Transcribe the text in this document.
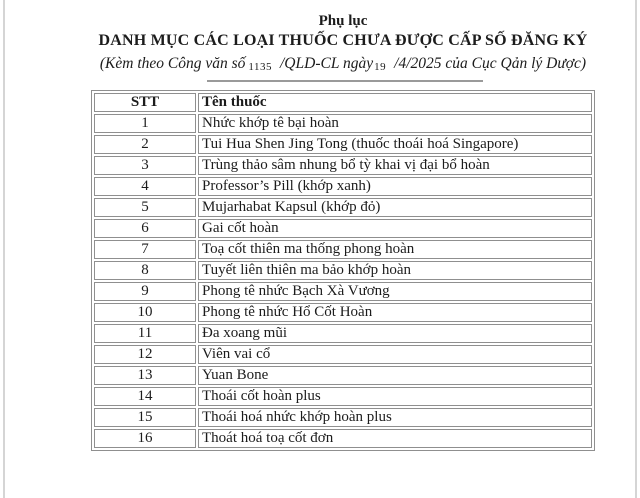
Phụ lục
DANH MỤC CÁC LOẠI THUỐC CHƯA ĐƯỢC CẤP SỐ ĐĂNG KÝ
(Kèm theo Công văn số 1135 /QLD-CL ngày19 /4/2025 của Cục Qản lý Dược)
STT	Tên thuốc
1	Nhức khớp tê bại hoàn
2	Tui Hua Shen Jing Tong (thuốc thoái hoá Singapore)
3	Trùng thảo sâm nhung bổ tỳ khai vị đại bổ hoàn
4	Professor’s Pill (khớp xanh)
5	Mujarhabat Kapsul (khớp đỏ)
6	Gai cốt hoàn
7	Toạ cốt thiên ma thống phong hoàn
8	Tuyết liên thiên ma bảo khớp hoàn
9	Phong tê nhức Bạch Xà Vương
10	Phong tê nhức Hổ Cốt Hoàn
11	Đa xoang mũi
12	Viên vai cổ
13	Yuan Bone
14	Thoái cốt hoàn plus
15	Thoái hoá nhức khớp hoàn plus
16	Thoát hoá toạ cốt đơn
